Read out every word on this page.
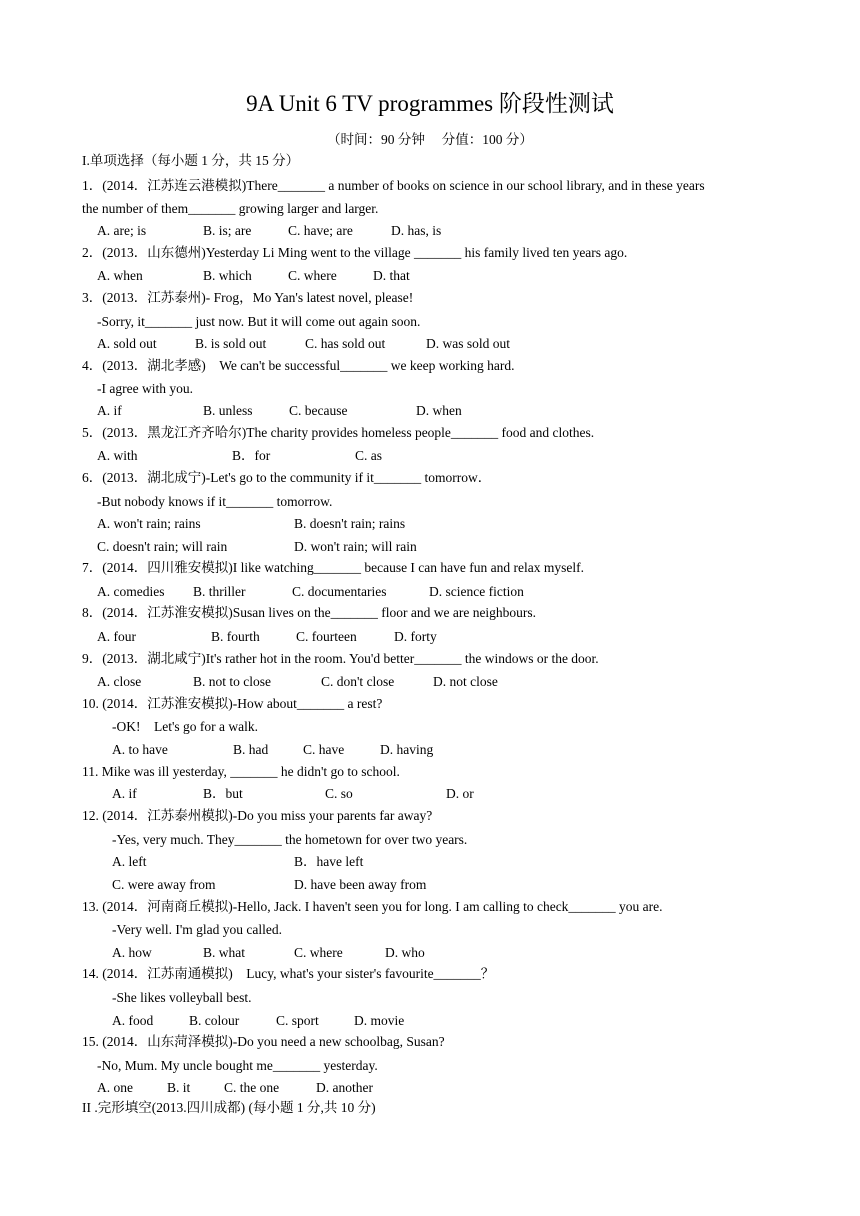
9A Unit 6 TV programmes 阶段性测试
（时间：90 分钟　 分值：100 分）
I.单项选择（每小题 1 分，共 15 分）
1．(2014．江苏连云港模拟)There_______ a number of books on science in our school library, and in these years
the number of them_______ growing larger and larger.
A. are; is	B. is; are	C. have; are	D. has, is
2．(2013．山东德州)Yesterday Li Ming went to the village _______ his family lived ten years ago.
A. when	B. which	C. where	D. that
3．(2013．江苏泰州)- Frog，Mo Yan's latest novel, please!
-Sorry, it_______ just now. But it will come out again soon.
A. sold out	B. is sold out	C. has sold out	D. was sold out
4．(2013．湖北孝感)　We can't be successful_______ we keep working hard.
-I agree with you.
A. if	B. unless	C. because	D. when
5．(2013．黑龙江齐齐哈尔)The charity provides homeless people_______ food and clothes.
A. with	B．for	C. as
6．(2013．湖北成宁)-Let's go to the community if it_______ tomorrow．
-But nobody knows if it_______ tomorrow.
A. won't rain; rains	B. doesn't rain; rains
C. doesn't rain; will rain	D. won't rain; will rain
7．(2014．四川雅安模拟)I like watching_______ because I can have fun and relax myself.
A. comedies B. thriller	C. documentaries	D. science fiction
8．(2014．江苏淮安模拟)Susan lives on the_______ floor and we are neighbours.
A. four	B. fourth	C. fourteen	D. forty
9．(2013．湖北咸宁)It's rather hot in the room. You'd better_______ the windows or the door.
A. close	B. not to close	C. don't close	D. not close
10. (2014．江苏淮安模拟)-How about_______ a rest?
-OK!　Let's go for a walk.
A. to have	B. had	C. have	D. having
11. Mike was ill yesterday, _______ he didn't go to school.
A. if	B．but	C. so	D. or
12. (2014．江苏泰州模拟)-Do you miss your parents far away?
-Yes, very much. They_______ the hometown for over two years.
A. left	B．have left
C. were away from	D. have been away from
13. (2014．河南商丘模拟)-Hello, Jack. I haven't seen you for long. I am calling to check_______ you are.
-Very well. I'm glad you called.
A. how	B. what	C. where	D. who
14. (2014．江苏南通模拟)　Lucy, what's your sister's favourite_______？
-She likes volleyball best.
A. food	B. colour	C. sport	D. movie
15. (2014．山东菏泽模拟)-Do you need a new schoolbag, Susan?
-No, Mum. My uncle bought me_______ yesterday.
A. one	B. it C. the one	D. another
II .完形填空(2013.四川成都) (每小题 1 分,共 10 分)
